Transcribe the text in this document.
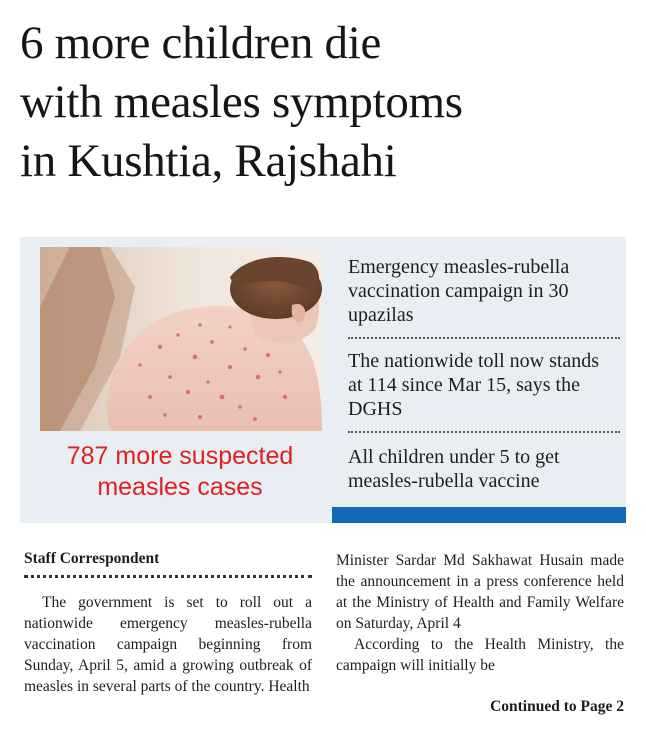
6 more children die
with measles symptoms
in Kushtia, Rajshahi
787 more suspected
measles cases
Emergency measles-rubella vaccination campaign in 30 upazilas
The nationwide toll now stands at 114 since Mar 15, says the DGHS
All children under 5 to get measles-rubella vaccine
Staff Correspondent

The government is set to roll out a nationwide emergency measles-rubella vaccination campaign beginning from Sunday, April 5, amid a growing outbreak of measles in several parts of the country. Health

Minister Sardar Md Sakhawat Husain made the announcement in a press conference held at the Ministry of Health and Family Welfare on Saturday, April 4

According to the Health Ministry, the campaign will initially be

Continued to Page 2
